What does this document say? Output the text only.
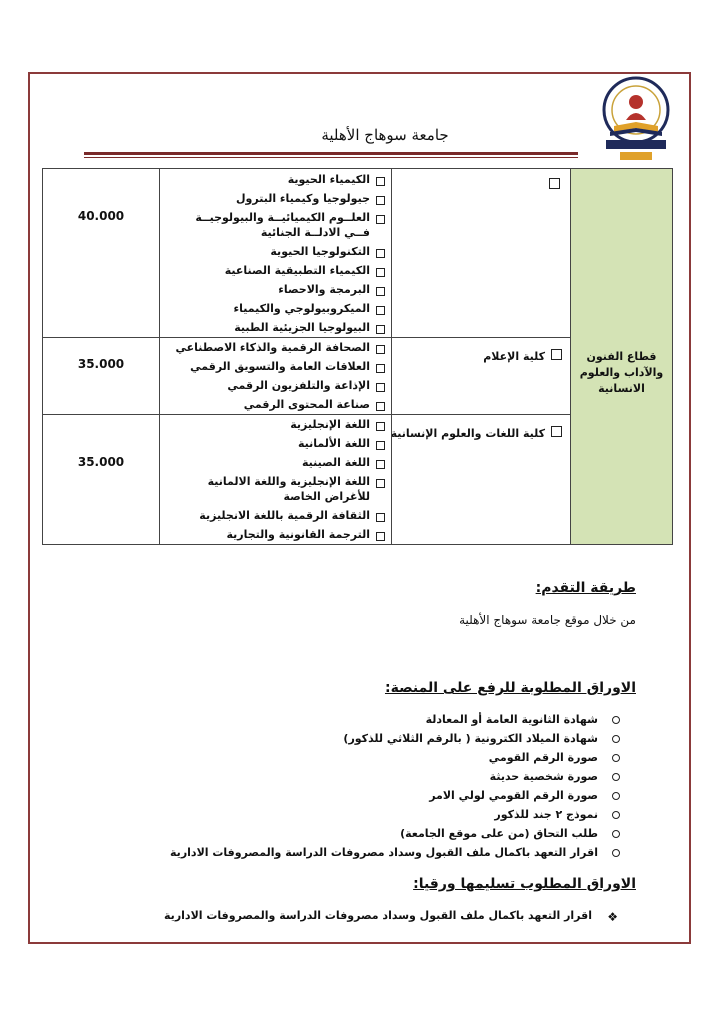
جامعة سوهاج الأهلية
قطاع الفنون والآداب والعلوم الانسانية
الكيمياء الحيوية
جيولوجيا وكيمياء البترول
العلــوم الكيميائيــة والبيولوجيــة فــي الادلــة الجنائية
التكنولوجيا الحيوية
الكيمياء التطبيقية الصناعية
البرمجة والاحصاء
الميكروبيولوجي والكيمياء
البيولوجيا الجزيئية الطبية
40.000
كلية الإعلام
الصحافة الرقمية والذكاء الاصطناعي
العلاقات العامة والتسويق الرقمي
الإذاعة والتلفزيون الرقمي
صناعة المحتوى الرقمي
35.000
كلية اللغات والعلوم الإنسانية
اللغة الإنجليزية
اللغة الألمانية
اللغة الصينية
اللغة الإنجليزية واللغة الالمانية للأغراض الخاصة
الثقافة الرقمية باللغة الانجليزية
الترجمة القانونية والتجارية
35.000
طريقة التقدم:
من خلال موقع جامعة سوهاج الأهلية
الاوراق المطلوبة للرفع على المنصة:
شهادة الثانوية العامة أو المعادلة
شهادة الميلاد الكترونية ( بالرقم الثلاثي للذكور)
صورة الرقم القومي
صورة شخصية حديثة
صورة الرقم القومي لولي الامر
نموذج ٢ جند للذكور
طلب التحاق (من على موقع الجامعة)
اقرار التعهد باكمال ملف القبول وسداد مصروفات الدراسة والمصروفات الادارية
الاوراق المطلوب تسليمها ورقيا:
❖
اقرار التعهد باكمال ملف القبول وسداد مصروفات الدراسة والمصروفات الادارية
